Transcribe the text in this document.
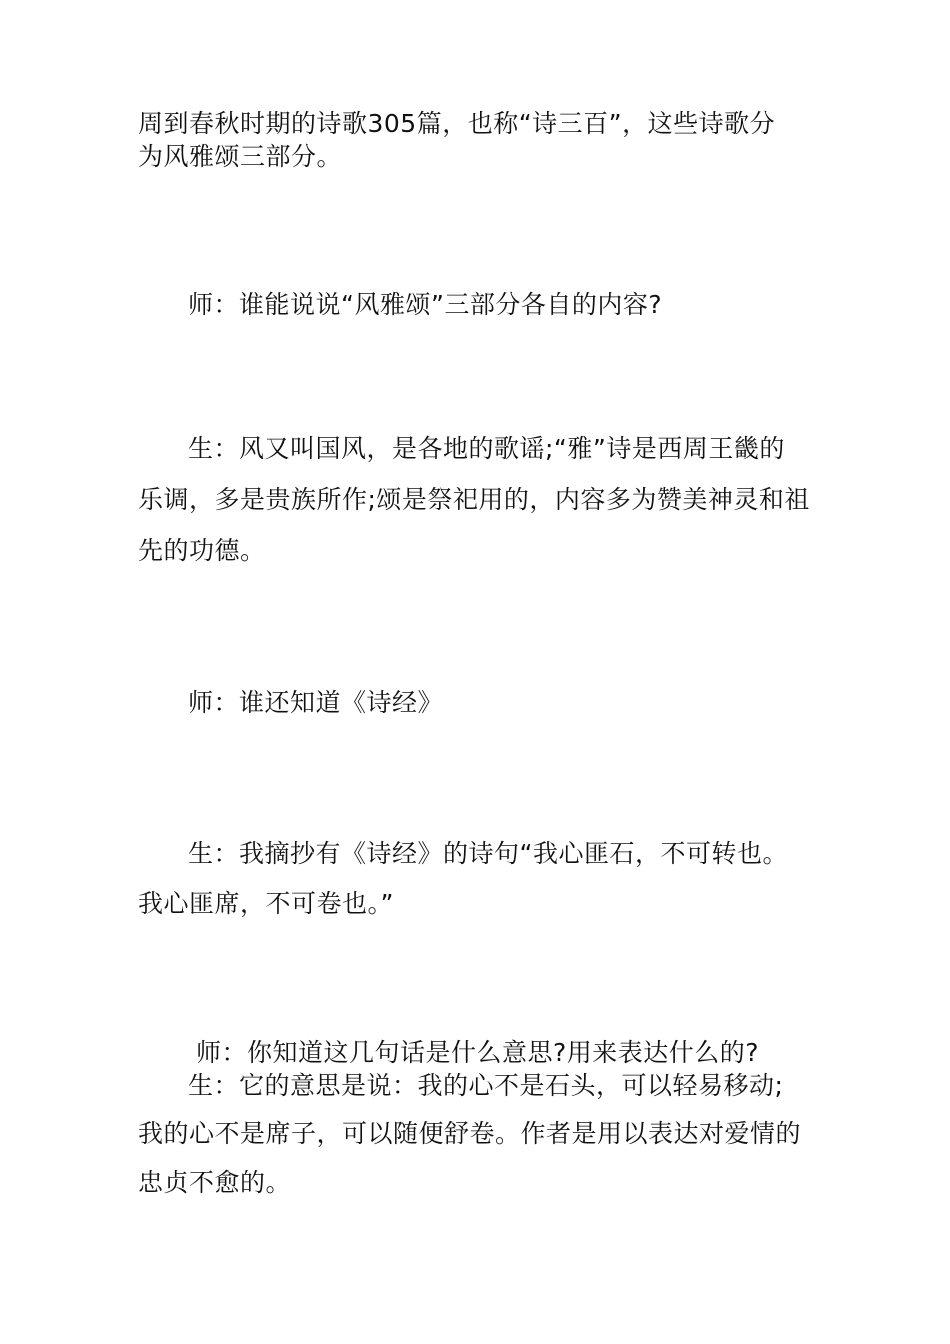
周到春秋时期的诗歌305篇，也称“诗三百”，这些诗歌分
为风雅颂三部分。
师：谁能说说“风雅颂”三部分各自的内容?
生：风又叫国风，是各地的歌谣;“雅”诗是西周王畿的
乐调，多是贵族所作;颂是祭祀用的，内容多为赞美神灵和祖
先的功德。
师：谁还知道《诗经》
生：我摘抄有《诗经》的诗句“我心匪石，不可转也。
我心匪席，不可卷也。”
师：你知道这几句话是什么意思?用来表达什么的?
生：它的意思是说：我的心不是石头，可以轻易移动;
我的心不是席子，可以随便舒卷。作者是用以表达对爱情的
忠贞不愈的。
